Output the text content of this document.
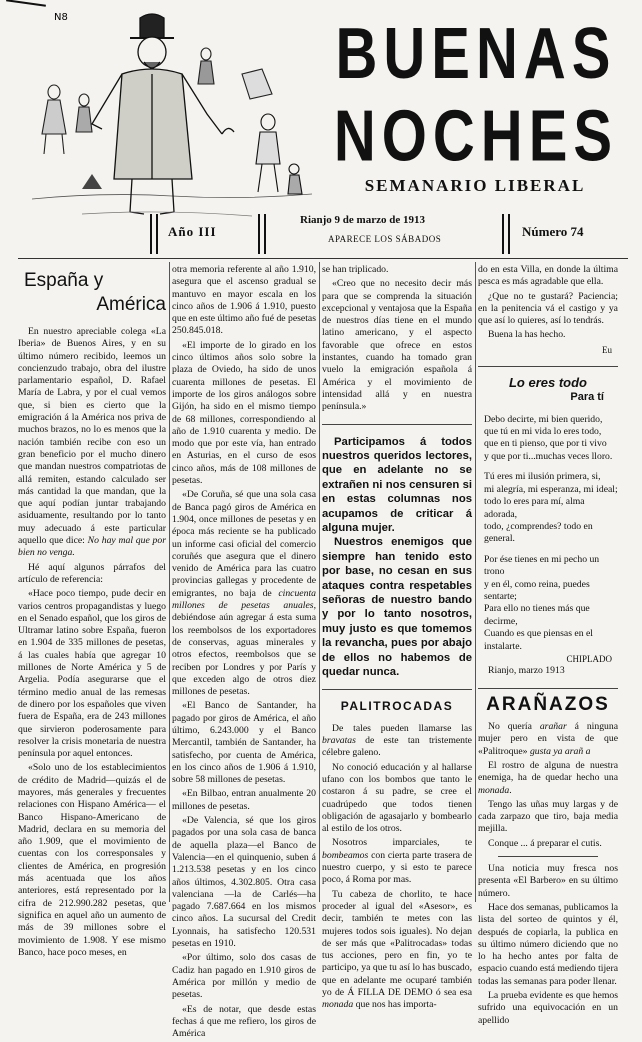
N8	BUENAS
NOCHES
SEMANARIO LIBERAL
Año III
Rianjo 9 de marzo de 1913
APARECE LOS SÁBADOS	Número 74
España y
América

En nuestro apreciable colega «La Iberia» de Buenos Aires, y en su último número recibido, leemos un concienzudo trabajo, obra del ilustre parlamentario español, D. Rafael María de Labra, y por el cual vemos que, si bien es cierto que la emigración á la América nos priva de muchos brazos, no lo es menos que la nación también recibe con eso un gran beneficio por el mucho dinero que mandan nuestros compatriotas de allá remiten, estando calculado ser más cantidad la que mandan, que la que aquí podían juntar trabajando asiduamente, resultando por lo tanto muy adecuado á este particular aquello que dice: No hay mal que por bien no venga.

Hé aquí algunos párrafos del artículo de referencia:

«Hace poco tiempo, pude decir en varios centros propagandistas y luego en el Senado español, que los giros de Ultramar latino sobre España, fueron en 1.904 de 335 millones de pesetas, á las cuales había que agregar 10 millones de Norte América y 5 de Argelia. Podía asegurarse que el término medio anual de las remesas de dinero por los españoles que viven fuera de España, era de 243 millones que sirvieron poderosamente para resolver la crisis monetaria de nuestra península por aquel entonces.

«Solo uno de los establecimientos de crédito de Madrid—quizás el de mayores, más generales y frecuentes relaciones con Hispano América— el Banco Hispano-Americano de Madrid, declara en su memoria del año 1.909, que el movimiento de cuentas con los corresponsales y clientes de América, en progresión más acentuada que los años anteriores, está representado por la cifra de 212.990.282 pesetas, que significa en aquel año un aumento de más de 39 millones sobre el movimiento de 1.908. Y ese mismo Banco, hace poco meses, en

otra memoria referente al año 1.910, asegura que el ascenso gradual se mantuvo en mayor escala en los cinco años de 1.906 á 1.910, puesto que en este último año fué de pesetas 250.845.018.

«El importe de lo girado en los cinco últimos años solo sobre la plaza de Oviedo, ha sido de unos cuarenta millones de pesetas. El importe de los giros análogos sobre Gijón, ha sido en el mismo tiempo de 68 millones, correspondiendo al año de 1.910 cuarenta y medio. De modo que por este vía, han entrado en Asturias, en el curso de esos cinco años, más de 108 millones de pesetas.

«De Coruña, sé que una sola casa de Banca pagó giros de América en 1.904, once millones de pesetas y en época más reciente se ha publicado un informe casi oficial del comercio coruñés que asegura que el dinero venido de América para las cuatro provincias gallegas y procedente de emigrantes, no baja de cincuenta millones de pesetas anuales, debiéndose aún agregar á esta suma los reembolsos de los exportadores de conservas, aguas minerales y otros efectos, reembolsos que se reciben por Londres y por París y que exceden algo de otros diez millones de pesetas.

«El Banco de Santander, ha pagado por giros de América, el año último, 6.243.000 y el Banco Mercantil, también de Santander, ha satisfecho, por cuenta de América, en los cinco años de 1.906 á 1.910, sobre 58 millones de pesetas.

«En Bilbao, entran anualmente 20 millones de pesetas.

«De Valencia, sé que los giros pagados por una sola casa de banca de aquella plaza—el Banco de Valencia—en el quinquenio, suben á 1.213.538 pesetas y en los cinco años últimos, 4.302.805. Otra casa valenciana —la de Carlés—ha pagado 7.687.664 en los mismos cinco años. La sucursal del Credit Lyonnais, ha satisfecho 120.531 pesetas en 1910.

«Por último, solo dos casas de Cadiz han pagado en 1.910 giros de América por millón y medio de pesetas.

«Es de notar, que desde estas fechas á que me refiero, los giros de América

se han triplicado.

«Creo que no necesito decir más para que se comprenda la situación excepcional y ventajosa que la España de nuestros días tiene en el mundo latino americano, y el aspecto favorable que ofrece en estos instantes, cuando ha tomado gran vuelo la emigración española á América y el movimiento de intensidad allá y en nuestra península.»

Participamos á todos nuestros queridos lectores, que en adelante no se extrañen ni nos censuren si en estas columnas nos acupamos de criticar á alguna mujer.

Nuestros enemigos que siempre han tenido esto por base, no cesan en sus ataques contra respetables señoras de nuestro bando y por lo tanto nosotros, muy justo es que tomemos la revancha, pues por abajo de ellos no habemos de quedar nunca.

PALITROCADAS

De tales pueden llamarse las bravatas de este tan tristemente célebre galeno.

No conoció educación y al hallarse ufano con los bombos que tanto le costaron á su padre, se cree el cuadrúpedo que todos tienen obligación de agasajarlo y bombearlo al estilo de los otros.

Nosotros imparciales, te bombeamos con cierta parte trasera de nuestro cuerpo, y si esto te parece poco, á Roma por mas.

Tu cabeza de chorlito, te hace proceder al igual del «Asesor», es decir, también te metes con las mujeres todos sois iguales). No dejan de ser más que «Palitrocadas» todas tus acciones, pero en fin, yo te participo, ya que tu así lo has buscado, que en adelante me ocuparé también yo de Á FILLA DE DEMO ó sea esa monada que nos has importa-

do en esta Villa, en donde la última pesca es más agradable que ella.

¿Que no te gustará? Paciencia; en la penitencia vá el castigo y ya que así lo quieres, así lo tendrás.

Buena la has hecho.

Eu
Lo eres todo
Para tí
Debo decirte, mi bien querido,
que tú en mi vida lo eres todo,
que en ti pienso, que por ti vivo
y que por ti...muchas veces lloro.
Tú eres mi ilusión primera, si,
mi alegría, mi esperanza, mi ideal;
todo lo eres para mí, alma adorada,
todo, ¿comprendes? todo en general.
Por ése tienes en mi pecho un trono
y en él, como reina, puedes sentarte;
Para ello no tienes más que decirme,
Cuando es que piensas en el instalarte.
CHIPLADO
Rianjo, marzo 1913
ARAÑAZOS

No quería arañar á ninguna mujer pero en vista de que «Palitroque» gusta ya arañ a

El rostro de alguna de nuestra enemiga, ha de quedar hecho una monada.

Tengo las uñas muy largas y de cada zarpazo que tiro, baja media mejilla.

Conque ... á preparar el cutis.

Una noticia muy fresca nos presenta «El Barbero» en su último número.

Hace dos semanas, publicamos la lista del sorteo de quintos y él, después de copiarla, la publica en su último número diciendo que no lo ha hecho antes por falta de espacio cuando está mediendo tijera todas las semanas para poder llenar.

La prueba evidente es que hemos sufrido una equivocación en un apellido
